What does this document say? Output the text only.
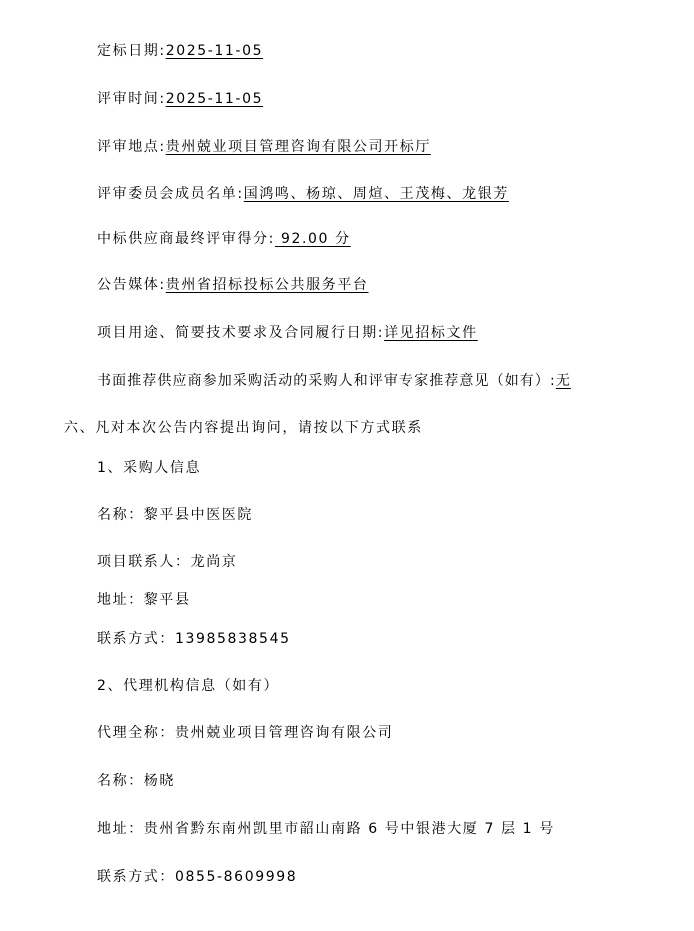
定标日期:2025-11-05
评审时间:2025-11-05
评审地点:贵州兢业项目管理咨询有限公司开标厅
评审委员会成员名单:国鸿鸣、杨琼、周煊、王茂梅、龙银芳
中标供应商最终评审得分: 92.00 分
公告媒体:贵州省招标投标公共服务平台
项目用途、简要技术要求及合同履行日期:详见招标文件
书面推荐供应商参加采购活动的采购人和评审专家推荐意见（如有）:无
六、凡对本次公告内容提出询问，请按以下方式联系
1、采购人信息
名称：黎平县中医医院
项目联系人：龙尚京
地址：黎平县
联系方式：13985838545
2、代理机构信息（如有）
代理全称：贵州兢业项目管理咨询有限公司
名称：杨晓
地址：贵州省黔东南州凯里市韶山南路 6 号中银港大厦 7 层 1 号
联系方式：0855-8609998
